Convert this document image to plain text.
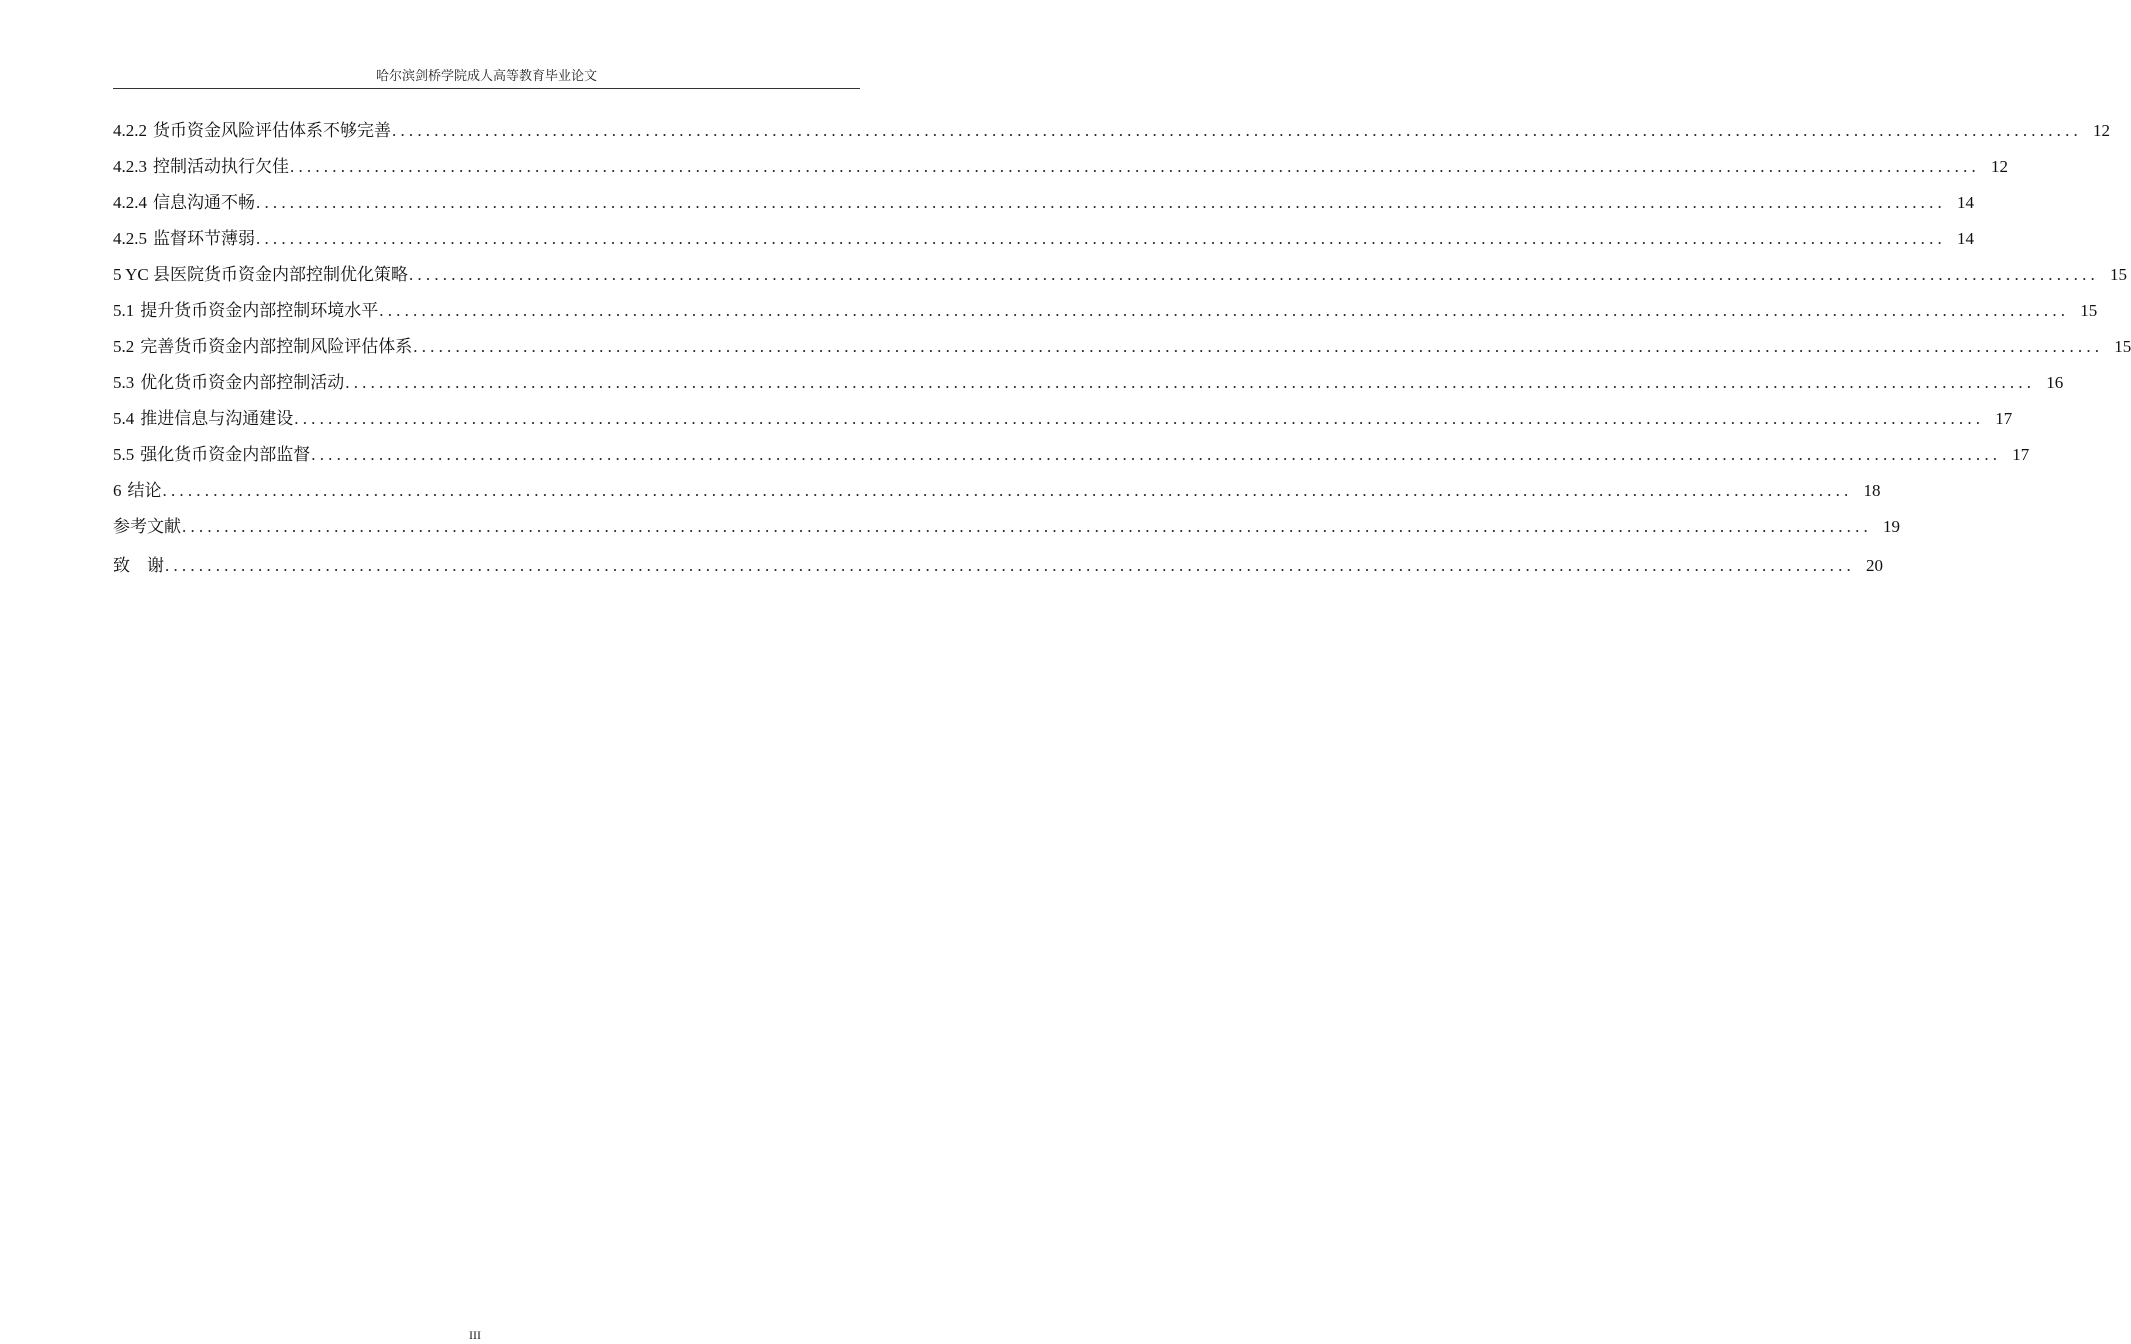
哈尔滨剑桥学院成人高等教育毕业论文
4.2.2 货币资金风险评估体系不够完善 ........................................................................................................................................................................................................ 12
4.2.3 控制活动执行欠佳 ........................................................................................................................................................................................................ 12
4.2.4 信息沟通不畅 ........................................................................................................................................................................................................ 14
4.2.5 监督环节薄弱 ........................................................................................................................................................................................................ 14
5 YC 县医院货币资金内部控制优化策略 ........................................................................................................................................................................................................ 15
5.1 提升货币资金内部控制环境水平 ........................................................................................................................................................................................................ 15
5.2 完善货币资金内部控制风险评估体系 ........................................................................................................................................................................................................ 15
5.3 优化货币资金内部控制活动 ........................................................................................................................................................................................................ 16
5.4 推进信息与沟通建设 ........................................................................................................................................................................................................ 17
5.5 强化货币资金内部监督 ........................................................................................................................................................................................................ 17
6 结论 ........................................................................................................................................................................................................ 18
参考文献 ........................................................................................................................................................................................................ 19
致　谢 ........................................................................................................................................................................................................ 20
III
